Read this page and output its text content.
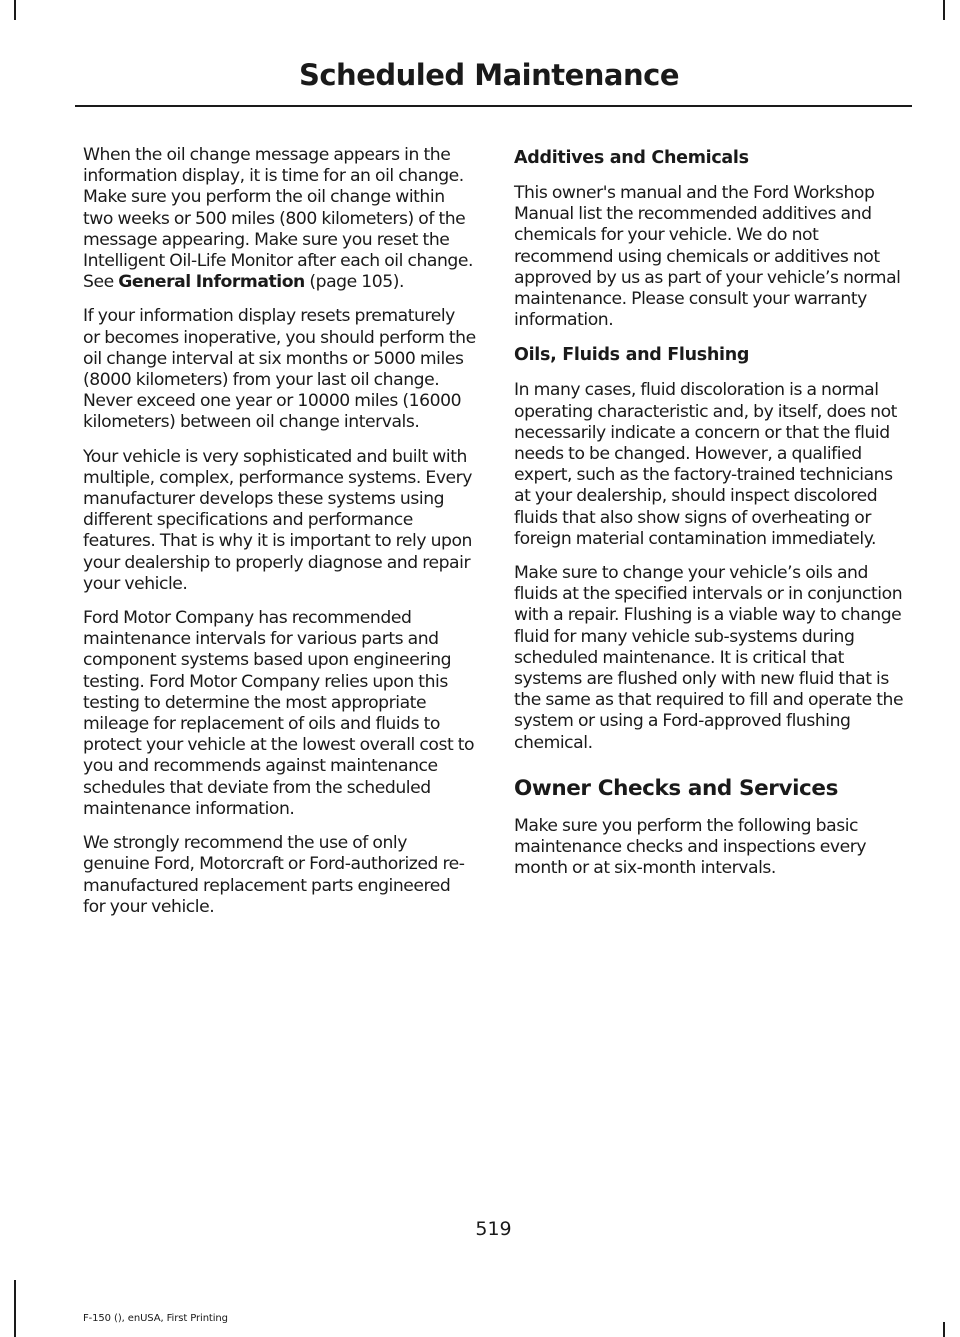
Scheduled Maintenance

When the oil change message appears in the information display, it is time for an oil change. Make sure you perform the oil change within two weeks or 500 miles (800 kilometers) of the message appearing. Make sure you reset the Intelligent Oil-Life Monitor after each oil change. See General Information (page 105).

If your information display resets prematurely or becomes inoperative, you should perform the oil change interval at six months or 5000 miles (8000 kilometers) from your last oil change. Never exceed one year or 10000 miles (16000 kilometers) between oil change intervals.

Your vehicle is very sophisticated and built with multiple, complex, performance systems. Every manufacturer develops these systems using different specifications and performance features. That is why it is important to rely upon your dealership to properly diagnose and repair your vehicle.

Ford Motor Company has recommended maintenance intervals for various parts and component systems based upon engineering testing. Ford Motor Company relies upon this testing to determine the most appropriate mileage for replacement of oils and fluids to protect your vehicle at the lowest overall cost to you and recommends against maintenance schedules that deviate from the scheduled maintenance information.

We strongly recommend the use of only genuine Ford, Motorcraft or Ford-authorized re-manufactured replacement parts engineered for your vehicle.

Additives and Chemicals

This owner's manual and the Ford Workshop Manual list the recommended additives and chemicals for your vehicle. We do not recommend using chemicals or additives not approved by us as part of your vehicle’s normal maintenance. Please consult your warranty information.

Oils, Fluids and Flushing

In many cases, fluid discoloration is a normal operating characteristic and, by itself, does not necessarily indicate a concern or that the fluid needs to be changed. However, a qualified expert, such as the factory-trained technicians at your dealership, should inspect discolored fluids that also show signs of overheating or foreign material contamination immediately.

Make sure to change your vehicle’s oils and fluids at the specified intervals or in conjunction with a repair. Flushing is a viable way to change fluid for many vehicle sub-systems during scheduled maintenance. It is critical that systems are flushed only with new fluid that is the same as that required to fill and operate the system or using a Ford-approved flushing chemical.

Owner Checks and Services

Make sure you perform the following basic maintenance checks and inspections every month or at six-month intervals.

519

F-150 (), enUSA, First Printing
